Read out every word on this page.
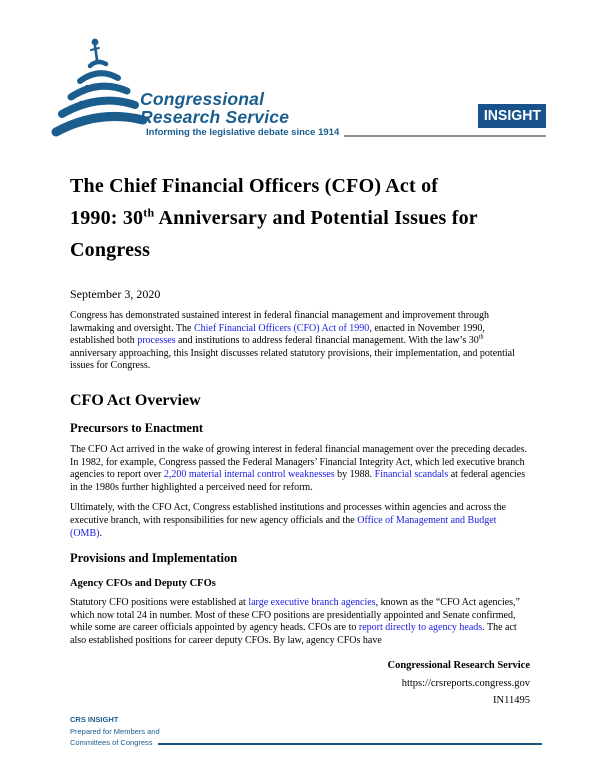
Congressional
Research Service
Informing the legislative debate since 1914
INSIGHT
The Chief Financial Officers (CFO) Act of
1990: 30th Anniversary and Potential Issues for
Congress
September 3, 2020

Congress has demonstrated sustained interest in federal financial management and improvement through lawmaking and oversight. The Chief Financial Officers (CFO) Act of 1990, enacted in November 1990, established both processes and institutions to address federal financial management. With the law’s 30th anniversary approaching, this Insight discusses related statutory provisions, their implementation, and potential issues for Congress.

CFO Act Overview
Precursors to Enactment

The CFO Act arrived in the wake of growing interest in federal financial management over the preceding decades. In 1982, for example, Congress passed the Federal Managers’ Financial Integrity Act, which led executive branch agencies to report over 2,200 material internal control weaknesses by 1988. Financial scandals at federal agencies in the 1980s further highlighted a perceived need for reform.

Ultimately, with the CFO Act, Congress established institutions and processes within agencies and across the executive branch, with responsibilities for new agency officials and the Office of Management and Budget (OMB).

Provisions and Implementation
Agency CFOs and Deputy CFOs

Statutory CFO positions were established at large executive branch agencies, known as the “CFO Act agencies,” which now total 24 in number. Most of these CFO positions are presidentially appointed and Senate confirmed, while some are career officials appointed by agency heads. CFOs are to report directly to agency heads. The act also established positions for career deputy CFOs. By law, agency CFOs have

Congressional Research Service
https://crsreports.congress.gov
IN11495
CRS INSIGHT
Prepared for Members and
Committees of Congress
